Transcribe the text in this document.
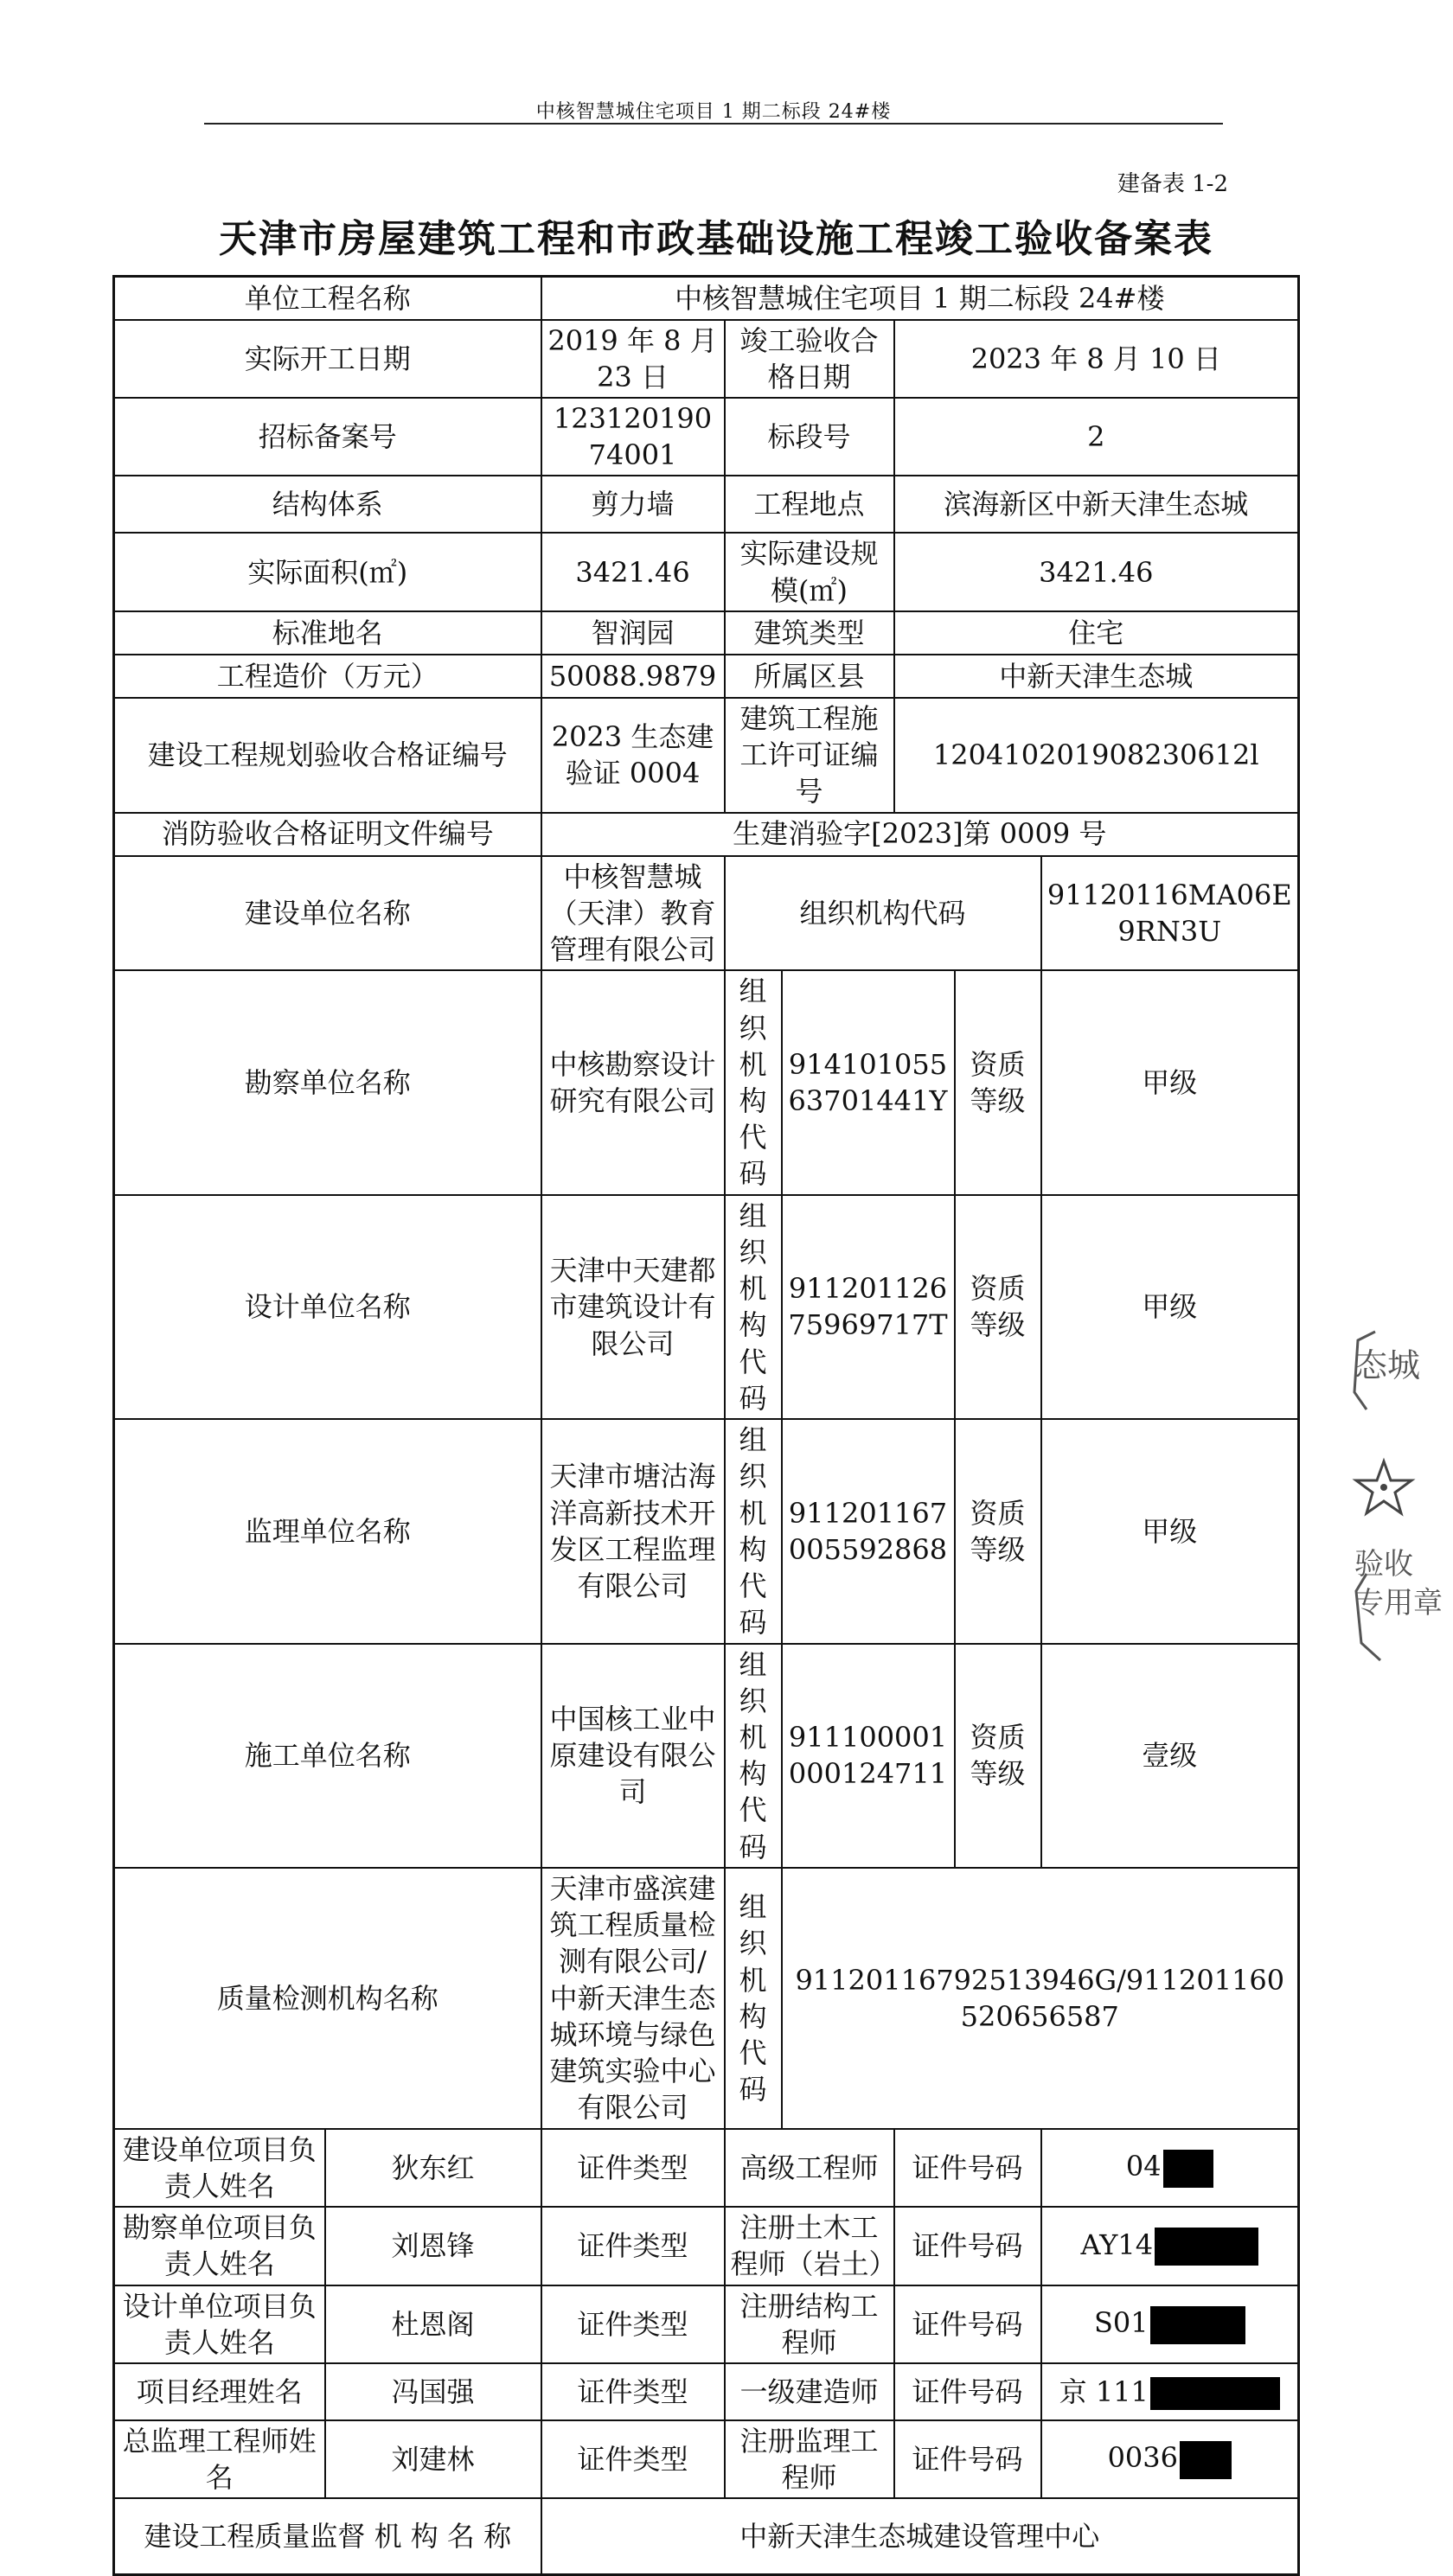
中核智慧城住宅项目 1 期二标段 24#楼
建备表 1-2
天津市房屋建筑工程和市政基础设施工程竣工验收备案表
单位工程名称		中核智慧城住宅项目 1 期二标段 24#楼					
实际开工日期		2019 年 8 月 23 日	竣工验收合格日期		2023 年 8 月 10 日		
招标备案号		12312019074001	标段号		2		
结构体系		剪力墙	工程地点		滨海新区中新天津生态城		
实际面积(㎡)		3421.46	实际建设规模(㎡)		3421.46		
标准地名		智润园	建筑类型		住宅		
工程造价（万元）		50088.9879	所属区县		中新天津生态城		
建设工程规划验收合格证编号		2023 生态建验证 0004	建筑工程施工许可证编号		120410201908230612l		
消防验收合格证明文件编号		生建消验字[2023]第 0009 号					
建设单位名称		中核智慧城（天津）教育管理有限公司	组织机构代码				91120116MA06E9RN3U
勘察单位名称		中核勘察设计研究有限公司	组织机构代码	91410105563701441Y		资质等级	甲级
设计单位名称		天津中天建都市建筑设计有限公司	组织机构代码	91120112675969717T		资质等级	甲级
监理单位名称		天津市塘沽海洋高新技术开发区工程监理有限公司	组织机构代码	911201167005592868		资质等级	甲级
施工单位名称		中国核工业中原建设有限公司	组织机构代码	911100001000124711		资质等级	壹级
质量检测机构名称		天津市盛滨建筑工程质量检测有限公司/中新天津生态城环境与绿色建筑实验中心有限公司	组织机构代码	91120116792513946G/911201160520656587			
建设单位项目负责人姓名	狄东红	证件类型	高级工程师		证件号码		04
勘察单位项目负责人姓名	刘恩锋	证件类型	注册土木工程师（岩土）		证件号码		AY14
设计单位项目负责人姓名	杜恩阁	证件类型	注册结构工程师		证件号码		S01
项目经理姓名	冯国强	证件类型	一级建造师		证件号码		京 111
总监理工程师姓名	刘建林	证件类型	注册监理工程师		证件号码		0036
建设工程质量监督 机 构 名 称		中新天津生态城建设管理中心					
态城
验收
专用章
